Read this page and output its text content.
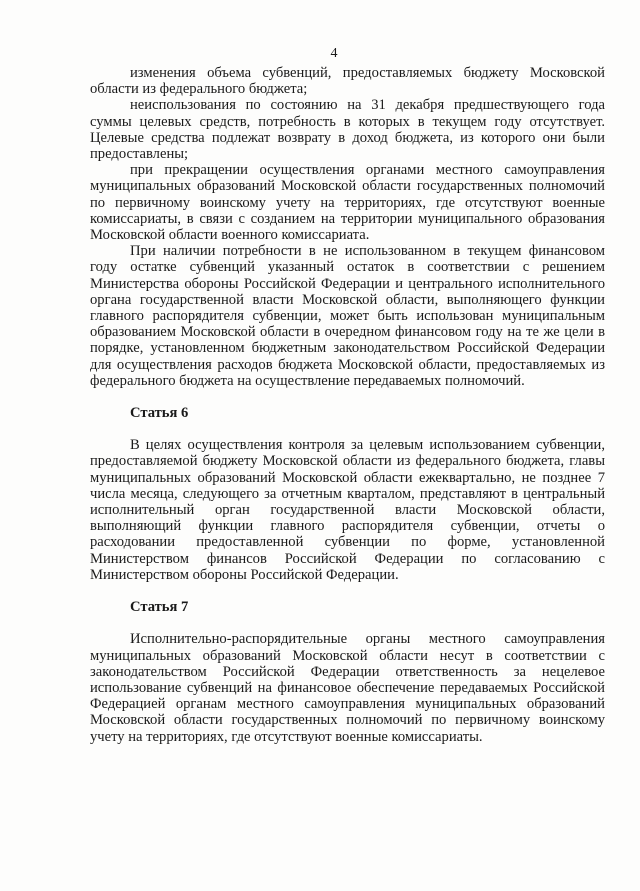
4

изменения объема субвенций, предоставляемых бюджету Московской области из федерального бюджета;

неиспользования по состоянию на 31 декабря предшествующего года суммы целевых средств, потребность в которых в текущем году отсутствует. Целевые средства подлежат возврату в доход бюджета, из которого они были предоставлены;

при прекращении осуществления органами местного самоуправления муниципальных образований Московской области государственных полномочий по первичному воинскому учету на территориях, где отсутствуют военные комиссариаты, в связи с созданием на территории муниципального образования Московской области военного комиссариата.

При наличии потребности в не использованном в текущем финансовом году остатке субвенций указанный остаток в соответствии с решением Министерства обороны Российской Федерации и центрального исполнительного органа государственной власти Московской области, выполняющего функции главного распорядителя субвенции, может быть использован муниципальным образованием Московской области в очередном финансовом году на те же цели в порядке, установленном бюджетным законодательством Российской Федерации для осуществления расходов бюджета Московской области, предоставляемых из федерального бюджета на осуществление передаваемых полномочий.

Статья 6

В целях осуществления контроля за целевым использованием субвенции, предоставляемой бюджету Московской области из федерального бюджета, главы муниципальных образований Московской области ежеквартально, не позднее 7 числа месяца, следующего за отчетным кварталом, представляют в центральный исполнительный орган государственной власти Московской области, выполняющий функции главного распорядителя субвенции, отчеты о расходовании предоставленной субвенции по форме, установленной Министерством финансов Российской Федерации по согласованию с Министерством обороны Российской Федерации.

Статья 7

Исполнительно-распорядительные органы местного самоуправления муниципальных образований Московской области несут в соответствии с законодательством Российской Федерации ответственность за нецелевое использование субвенций на финансовое обеспечение передаваемых Российской Федерацией органам местного самоуправления муниципальных образований Московской области государственных полномочий по первичному воинскому учету на территориях, где отсутствуют военные комиссариаты.
